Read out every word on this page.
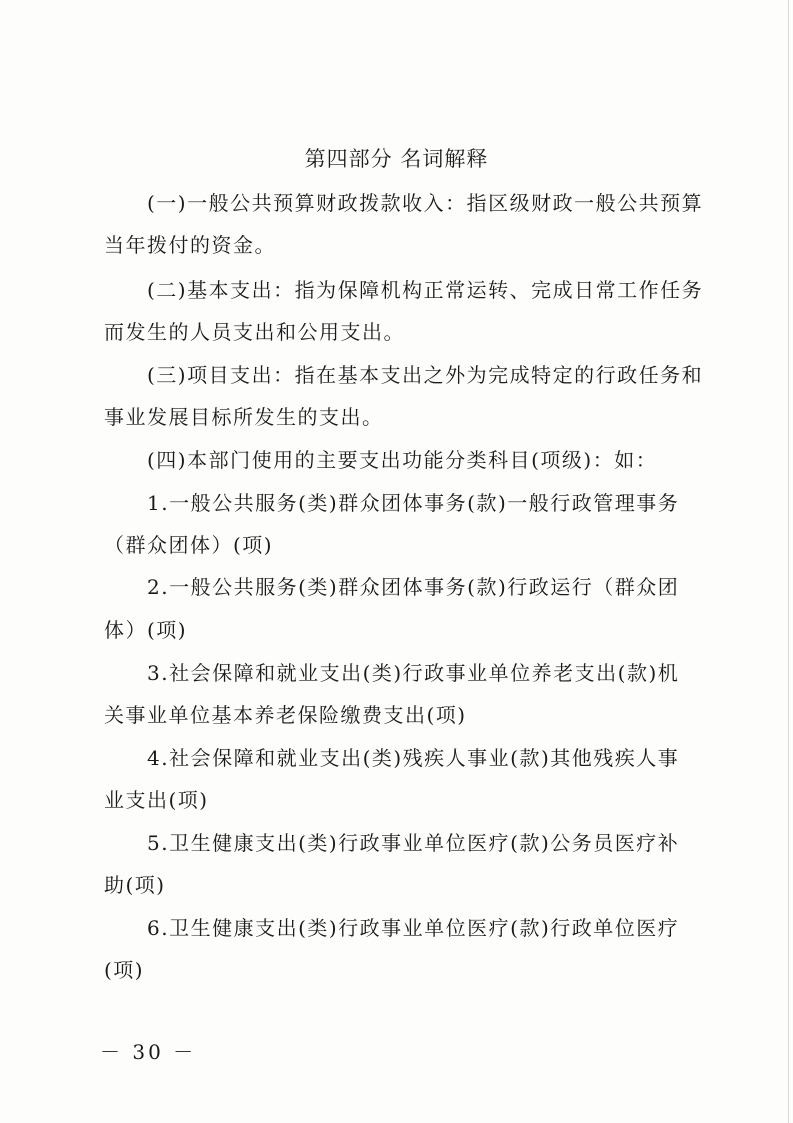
第四部分 名词解释
(一)一般公共预算财政拨款收入：指区级财政一般公共预算
当年拨付的资金。
(二)基本支出：指为保障机构正常运转、完成日常工作任务
而发生的人员支出和公用支出。
(三)项目支出：指在基本支出之外为完成特定的行政任务和
事业发展目标所发生的支出。
(四)本部门使用的主要支出功能分类科目(项级)：如：
1.一般公共服务(类)群众团体事务(款)一般行政管理事务
（群众团体）(项)
2.一般公共服务(类)群众团体事务(款)行政运行（群众团
体）(项)
3.社会保障和就业支出(类)行政事业单位养老支出(款)机
关事业单位基本养老保险缴费支出(项)
4.社会保障和就业支出(类)残疾人事业(款)其他残疾人事
业支出(项)
5.卫生健康支出(类)行政事业单位医疗(款)公务员医疗补
助(项)
6.卫生健康支出(类)行政事业单位医疗(款)行政单位医疗
(项)
－ 30 －
